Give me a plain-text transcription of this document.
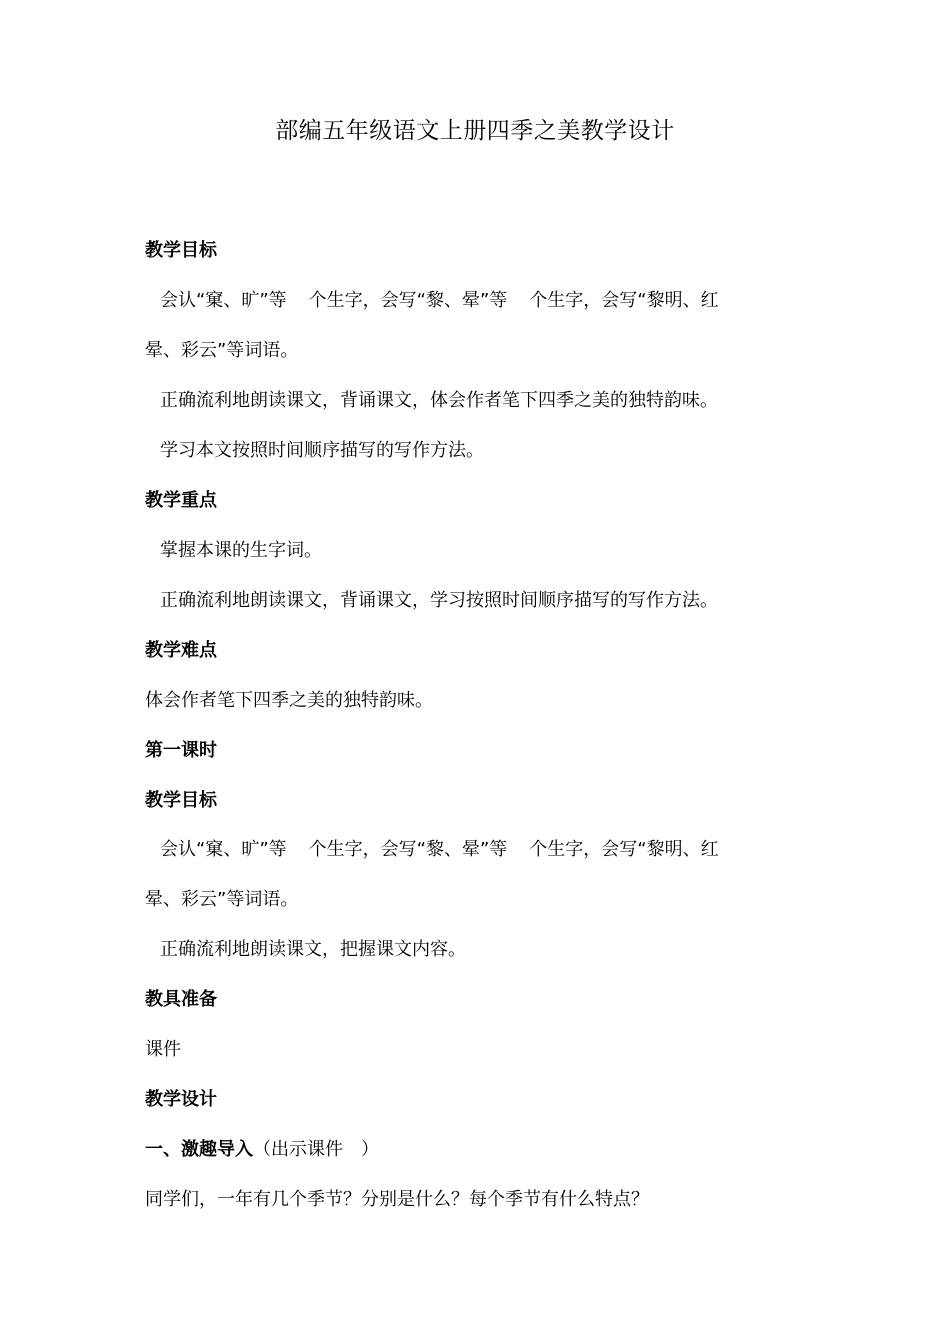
部编五年级语文上册四季之美教学设计
教学目标
会认“窠、旷”等 个生字，会写“黎、晕”等 个生字，会写“黎明、红
晕、彩云”等词语。
正确流利地朗读课文，背诵课文，体会作者笔下四季之美的独特韵味。
学习本文按照时间顺序描写的写作方法。
教学重点
掌握本课的生字词。
正确流利地朗读课文，背诵课文，学习按照时间顺序描写的写作方法。
教学难点
体会作者笔下四季之美的独特韵味。
第一课时
教学目标
会认“窠、旷”等 个生字，会写“黎、晕”等 个生字，会写“黎明、红
晕、彩云”等词语。
正确流利地朗读课文，把握课文内容。
教具准备
课件
教学设计
一、激趣导入（出示课件　）
同学们，一年有几个季节？分别是什么？每个季节有什么特点？
